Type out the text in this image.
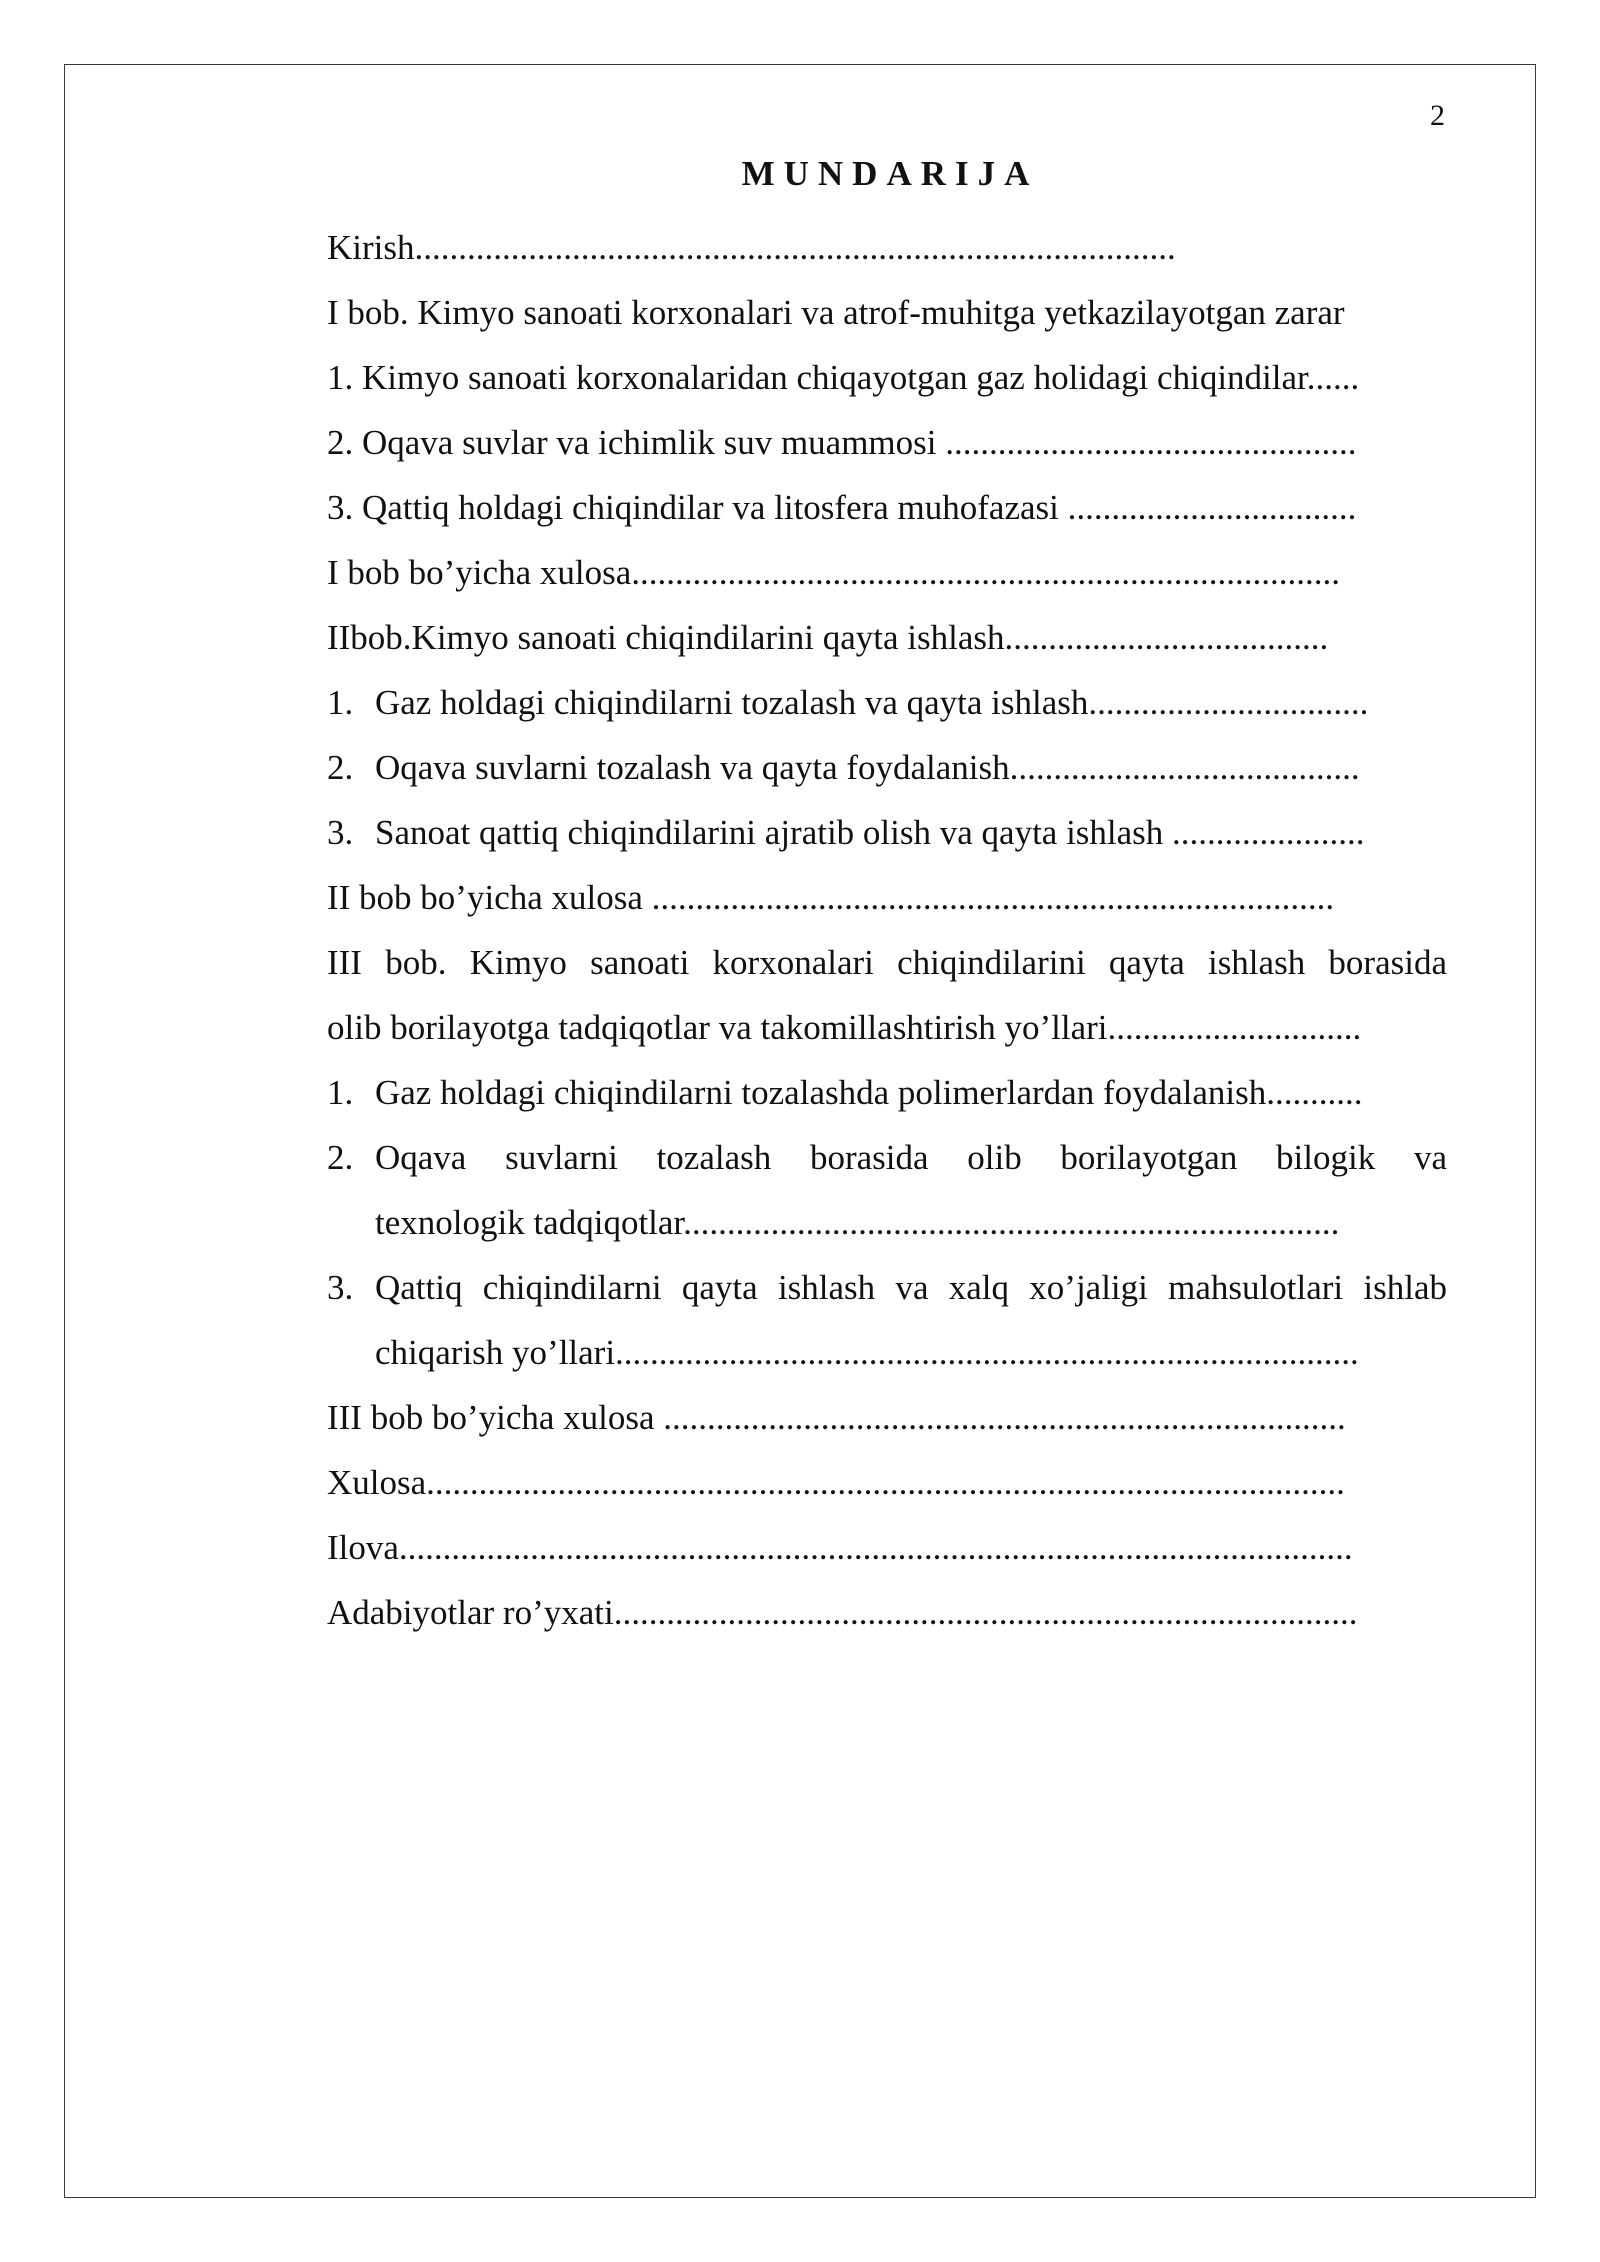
2
MUNDARIJA
Kirish.......................................................................................
I bob. Kimyo sanoati korxonalari va atrof-muhitga yetkazilayotgan zarar
1. Kimyo sanoati korxonalaridan chiqayotgan gaz holidagi chiqindilar......
2. Oqava suvlar va ichimlik suv muammosi ...............................................
3. Qattiq holdagi chiqindilar va litosfera muhofazasi .................................
I bob bo’yicha xulosa.................................................................................
IIbob.Kimyo sanoati chiqindilarini qayta ishlash.....................................
1. Gaz holdagi chiqindilarni tozalash va qayta ishlash................................
2. Oqava suvlarni tozalash va qayta foydalanish........................................
3. Sanoat qattiq chiqindilarini ajratib olish va qayta ishlash ......................
II bob bo’yicha xulosa ..............................................................................
III bob. Kimyo sanoati korxonalari chiqindilarini qayta ishlash borasida
olib borilayotga tadqiqotlar va takomillashtirish yo’llari.............................
1. Gaz holdagi chiqindilarni tozalashda polimerlardan foydalanish...........
2. Oqava suvlarni tozalash borasida olib borilayotgan bilogik va
texnologik tadqiqotlar...........................................................................
3. Qattiq chiqindilarni qayta ishlash va xalq xo’jaligi mahsulotlari ishlab
chiqarish yo’llari.....................................................................................
III bob bo’yicha xulosa ..............................................................................
Xulosa.........................................................................................................
Ilova.............................................................................................................
Adabiyotlar ro’yxati.....................................................................................
